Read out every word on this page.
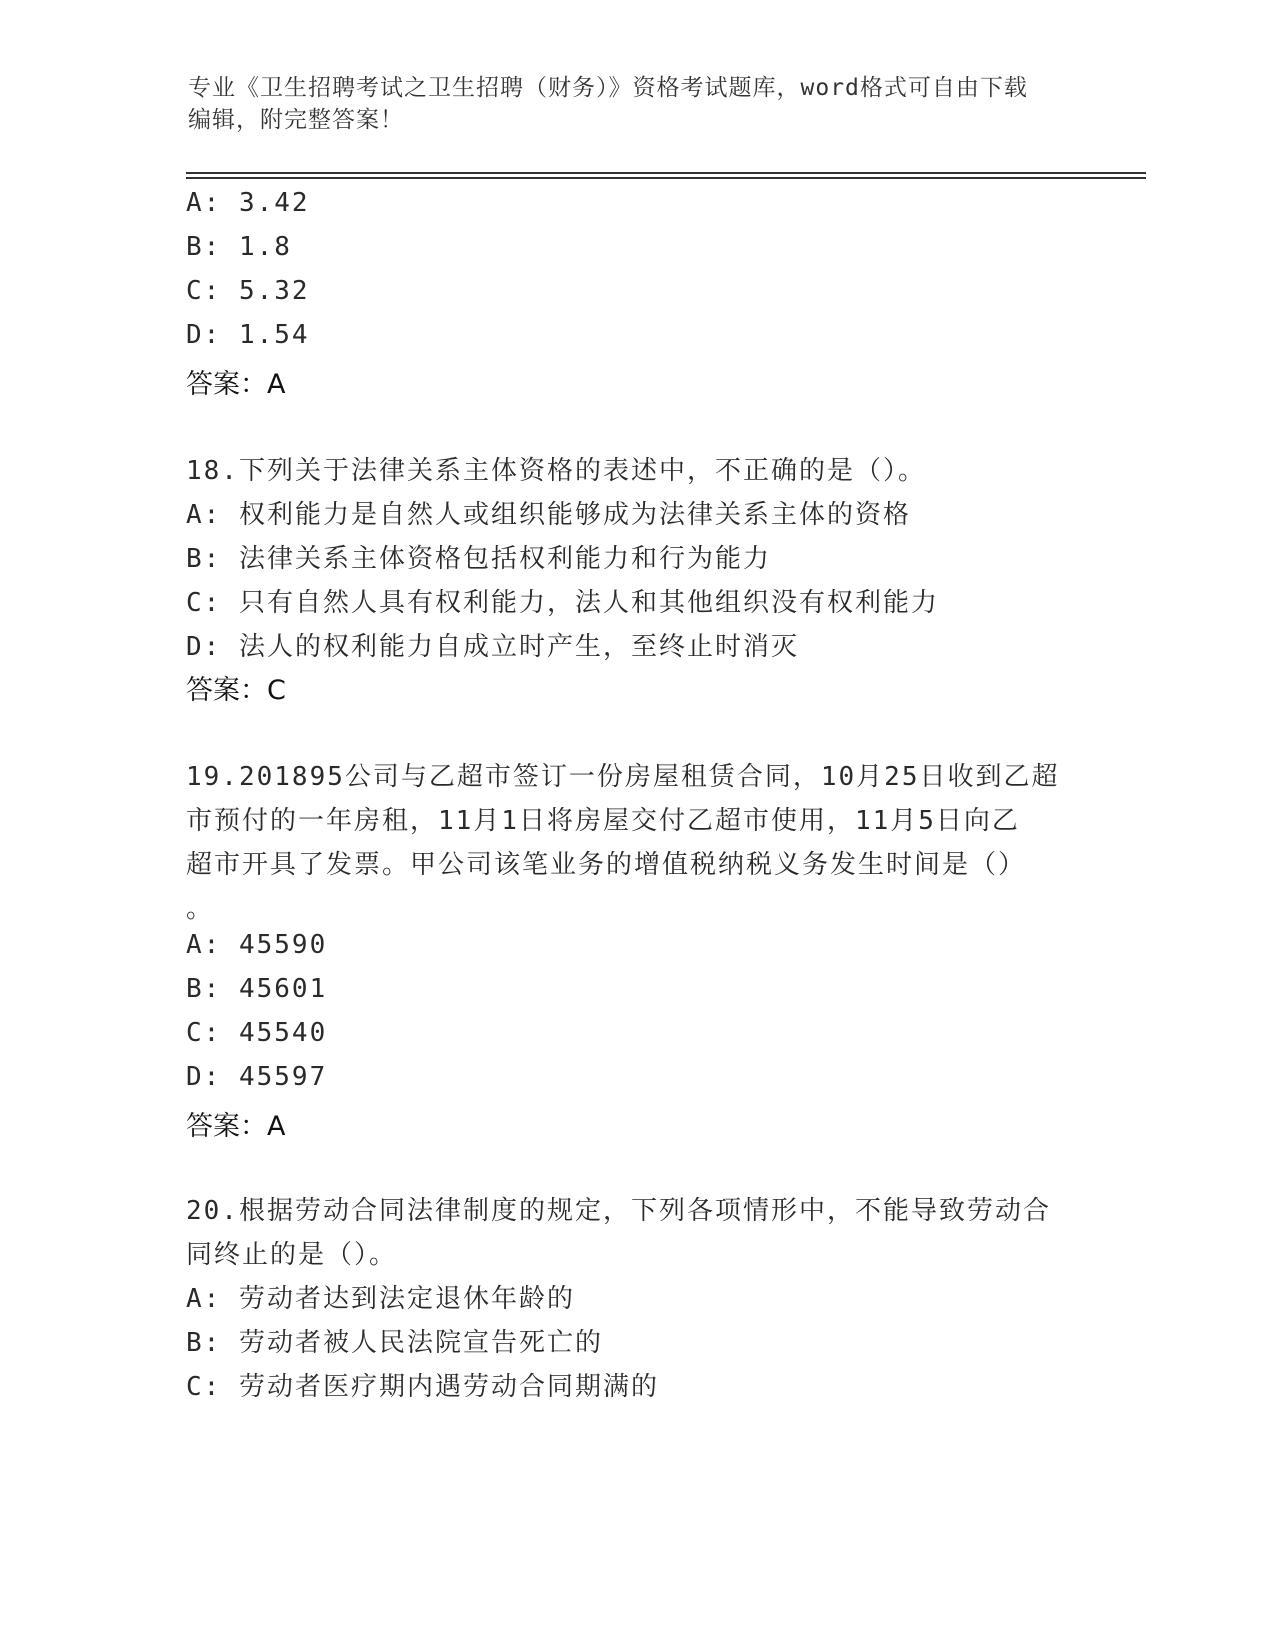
专业《卫生招聘考试之卫生招聘（财务）》资格考试题库，word格式可自由下载
编辑，附完整答案！
A: 3.42
B: 1.8
C: 5.32
D: 1.54
答案：A
18.下列关于法律关系主体资格的表述中，不正确的是（）。
A: 权利能力是自然人或组织能够成为法律关系主体的资格
B: 法律关系主体资格包括权利能力和行为能力
C: 只有自然人具有权利能力，法人和其他组织没有权利能力
D: 法人的权利能力自成立时产生，至终止时消灭
答案：C
19.201895公司与乙超市签订一份房屋租赁合同，10月25日收到乙超
市预付的一年房租，11月1日将房屋交付乙超市使用，11月5日向乙
超市开具了发票。甲公司该笔业务的增值税纳税义务发生时间是（）
。
A: 45590
B: 45601
C: 45540
D: 45597
答案：A
20.根据劳动合同法律制度的规定，下列各项情形中，不能导致劳动合
同终止的是（）。
A: 劳动者达到法定退休年龄的
B: 劳动者被人民法院宣告死亡的
C: 劳动者医疗期内遇劳动合同期满的
